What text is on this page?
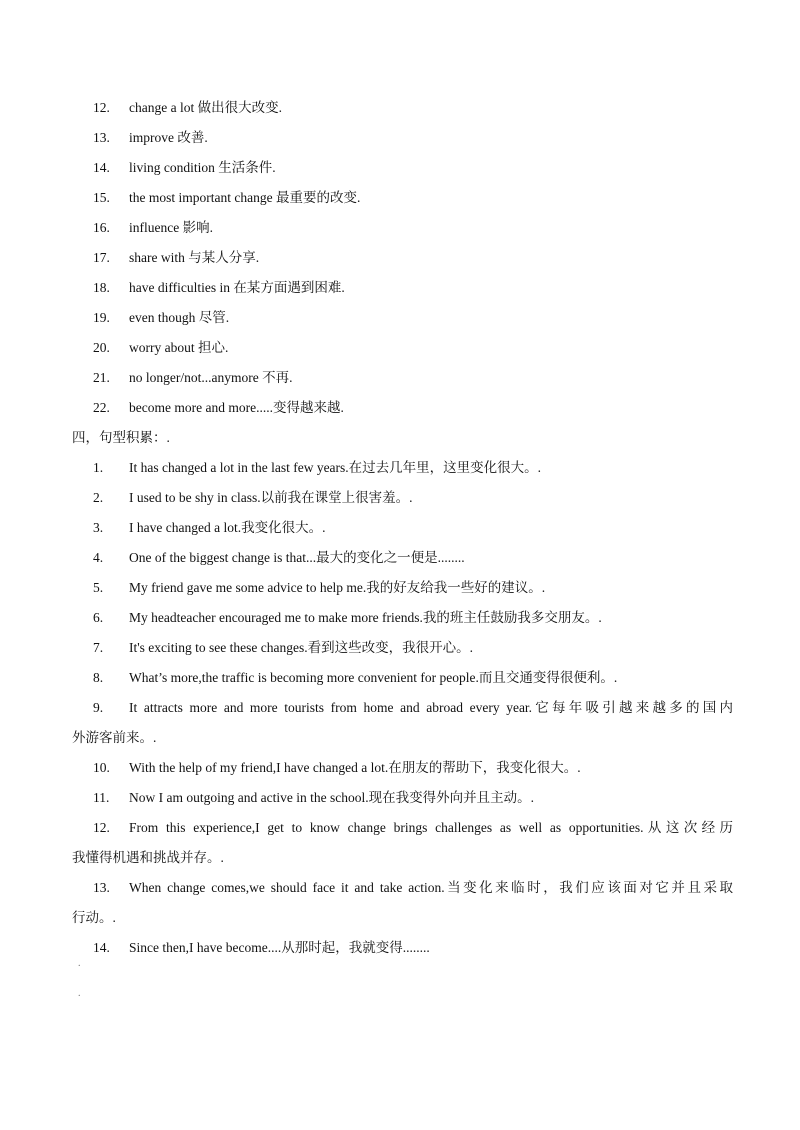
12. change a lot 做出很大改变.
13. improve 改善.
14. living condition 生活条件.
15. the most important change 最重要的改变.
16. influence 影响.
17. share with 与某人分享.
18. have difficulties in 在某方面遇到困难.
19. even though 尽管.
20. worry about 担心.
21. no longer/not...anymore 不再.
22. become more and more.....变得越来越.
四，句型积累：.
1. It has changed a lot in the last few years.在过去几年里，这里变化很大。.
2. I used to be shy in class.以前我在课堂上很害羞。.
3. I have changed a lot.我变化很大。.
4. One of the biggest change is that...最大的变化之一便是........
5. My friend gave me some advice to help me.我的好友给我一些好的建议。.
6. My headteacher encouraged me to make more friends.我的班主任鼓励我多交朋友。.
7. It's exciting to see these changes.看到这些改变，我很开心。.
8. What’s more,the traffic is becoming more convenient for people.而且交通变得很便利。.
9. It attracts more and more tourists from home and abroad every year.它每年吸引越来越多的国内
外游客前来。.
10. With the help of my friend,I have changed a lot.在朋友的帮助下，我变化很大。.
11. Now I am outgoing and active in the school.现在我变得外向并且主动。.
12. From this experience,I get to know change brings challenges as well as opportunities.从这次经历
我懂得机遇和挑战并存。.
13. When change comes,we should face it and take action.当变化来临时，我们应该面对它并且采取
行动。.
14. Since then,I have become....从那时起，我就变得........
.
.
